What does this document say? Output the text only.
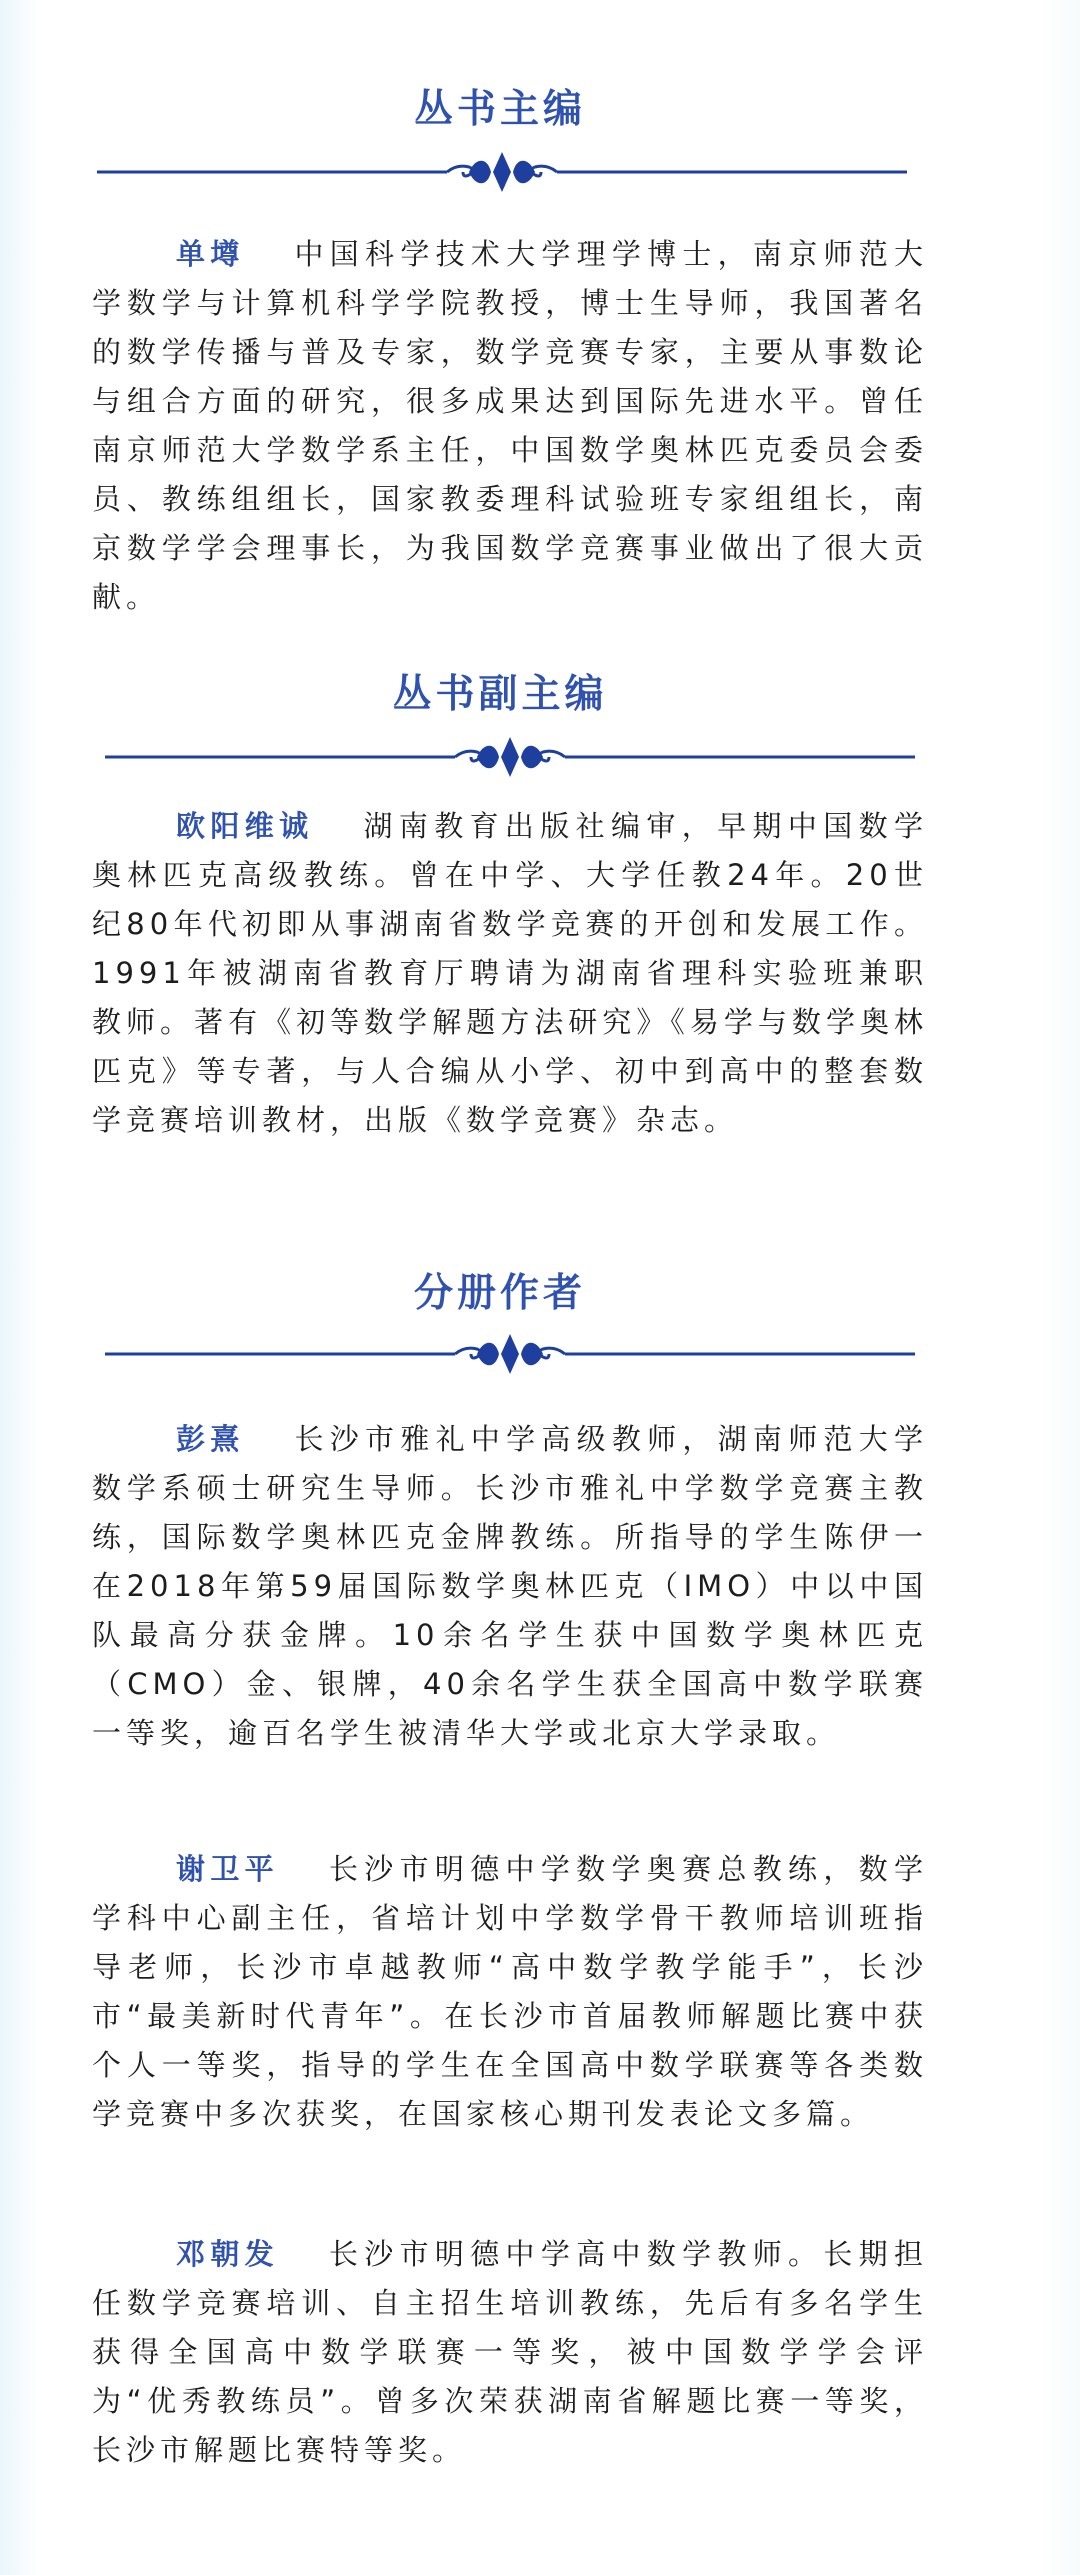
丛书主编

单墫 中国科学技术大学理学博士，南京师范大学数学与计算机科学学院教授，博士生导师，我国著名的数学传播与普及专家，数学竞赛专家，主要从事数论与组合方面的研究，很多成果达到国际先进水平。曾任南京师范大学数学系主任，中国数学奥林匹克委员会委员、教练组组长，国家教委理科试验班专家组组长，南京数学学会理事长，为我国数学竞赛事业做出了很大贡献。

丛书副主编

欧阳维诚 湖南教育出版社编审，早期中国数学奥林匹克高级教练。曾在中学、大学任教24年。20世纪80年代初即从事湖南省数学竞赛的开创和发展工作。1991年被湖南省教育厅聘请为湖南省理科实验班兼职教师。著有《初等数学解题方法研究》《易学与数学奥林匹克》等专著，与人合编从小学、初中到高中的整套数学竞赛培训教材，出版《数学竞赛》杂志。

分册作者

彭熹 长沙市雅礼中学高级教师，湖南师范大学数学系硕士研究生导师。长沙市雅礼中学数学竞赛主教练，国际数学奥林匹克金牌教练。所指导的学生陈伊一在2018年第59届国际数学奥林匹克（IMO）中以中国队最高分获金牌。10余名学生获中国数学奥林匹克（CMO）金、银牌，40余名学生获全国高中数学联赛一等奖，逾百名学生被清华大学或北京大学录取。

谢卫平 长沙市明德中学数学奥赛总教练，数学学科中心副主任，省培计划中学数学骨干教师培训班指导老师，长沙市卓越教师“高中数学教学能手”，长沙市“最美新时代青年”。在长沙市首届教师解题比赛中获个人一等奖，指导的学生在全国高中数学联赛等各类数学竞赛中多次获奖，在国家核心期刊发表论文多篇。

邓朝发 长沙市明德中学高中数学教师。长期担任数学竞赛培训、自主招生培训教练，先后有多名学生获得全国高中数学联赛一等奖，被中国数学学会评为“优秀教练员”。曾多次荣获湖南省解题比赛一等奖，长沙市解题比赛特等奖。
